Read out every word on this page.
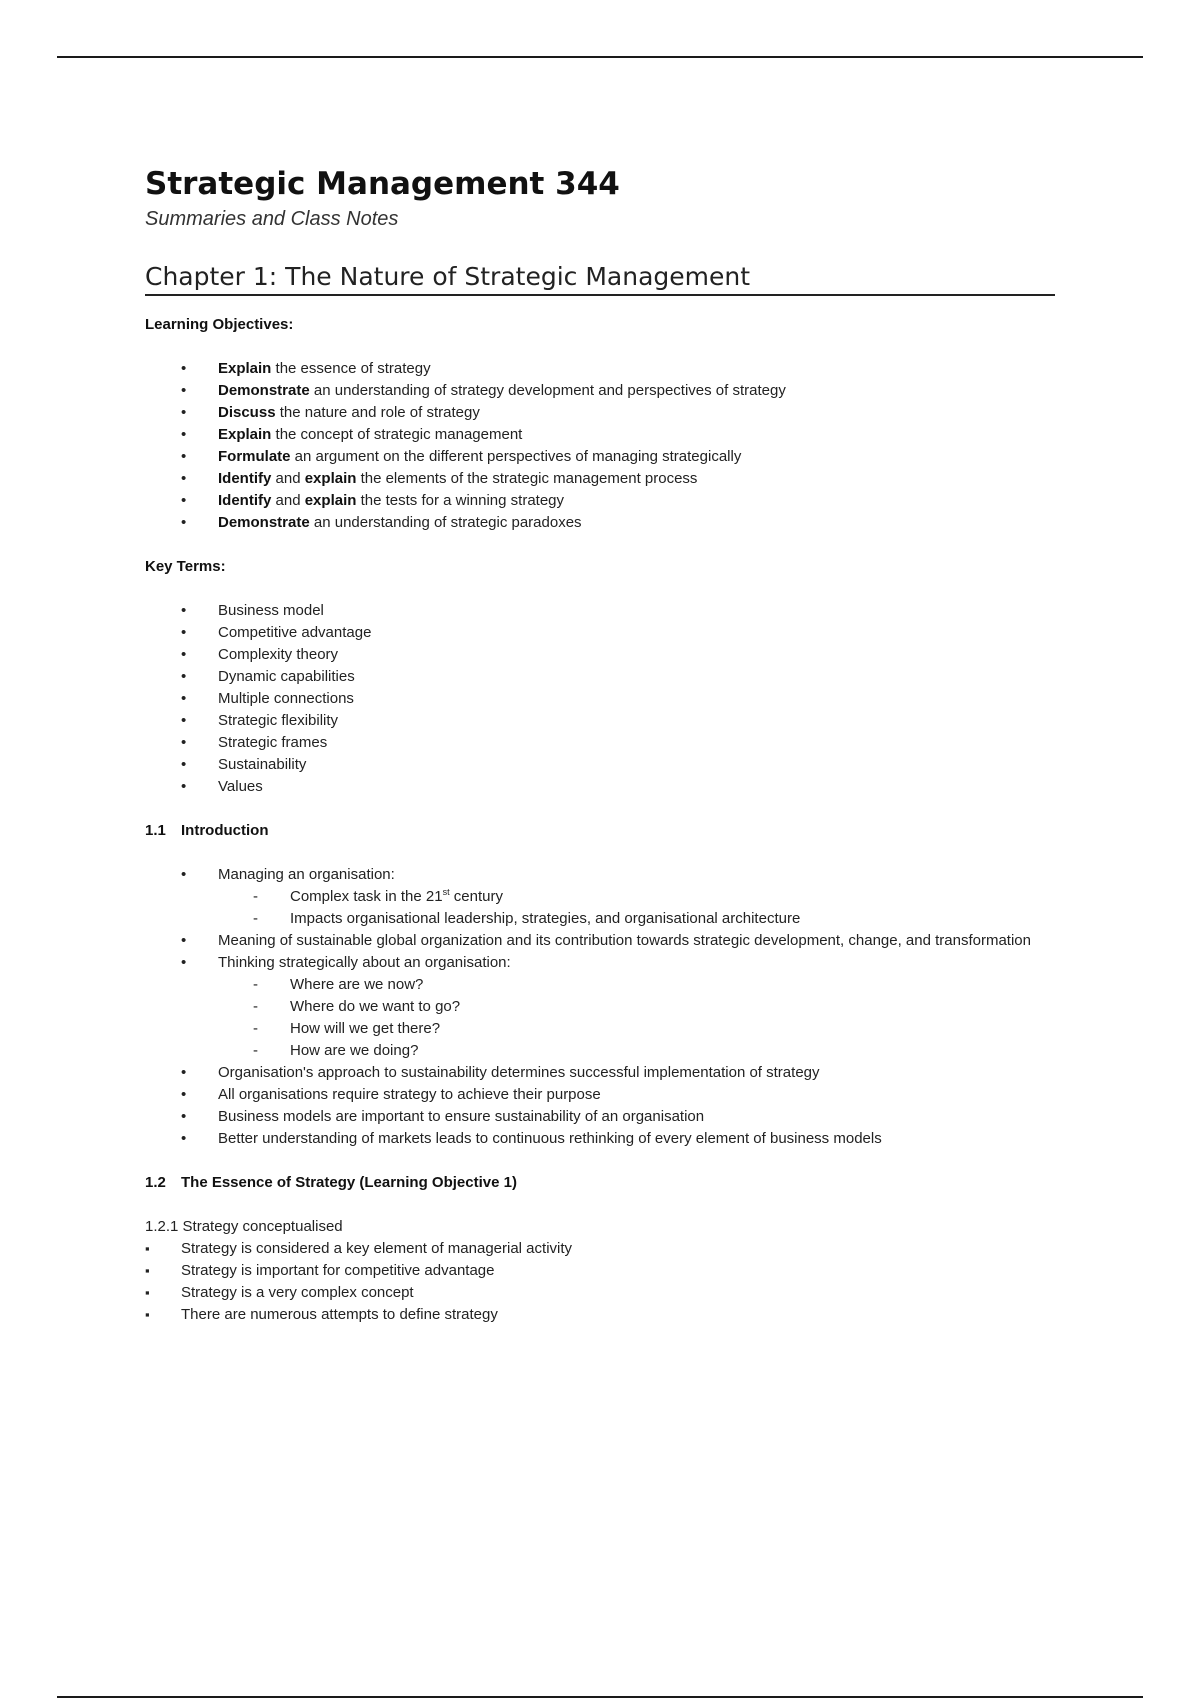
Strategic Management 344

Summaries and Class Notes

Chapter 1: The Nature of Strategic Management

Learning Objectives:

• Explain the essence of strategy
• Demonstrate an understanding of strategy development and perspectives of strategy
• Discuss the nature and role of strategy
• Explain the concept of strategic management
• Formulate an argument on the different perspectives of managing strategically
• Identify and explain the elements of the strategic management process
• Identify and explain the tests for a winning strategy
• Demonstrate an understanding of strategic paradoxes

Key Terms:

• Business model
• Competitive advantage
• Complexity theory
• Dynamic capabilities
• Multiple connections
• Strategic flexibility
• Strategic frames
• Sustainability
• Values

1.1 Introduction

• Managing an organisation:
- Complex task in the 21st century
- Impacts organisational leadership, strategies, and organisational architecture
• Meaning of sustainable global organization and its contribution towards strategic development, change, and transformation
• Thinking strategically about an organisation:
- Where are we now?
- Where do we want to go?
- How will we get there?
- How are we doing?
• Organisation's approach to sustainability determines successful implementation of strategy
• All organisations require strategy to achieve their purpose
• Business models are important to ensure sustainability of an organisation
• Better understanding of markets leads to continuous rethinking of every element of business models

1.2 The Essence of Strategy (Learning Objective 1)

1.2.1 Strategy conceptualised

▪ Strategy is considered a key element of managerial activity
▪ Strategy is important for competitive advantage
▪ Strategy is a very complex concept
▪ There are numerous attempts to define strategy
